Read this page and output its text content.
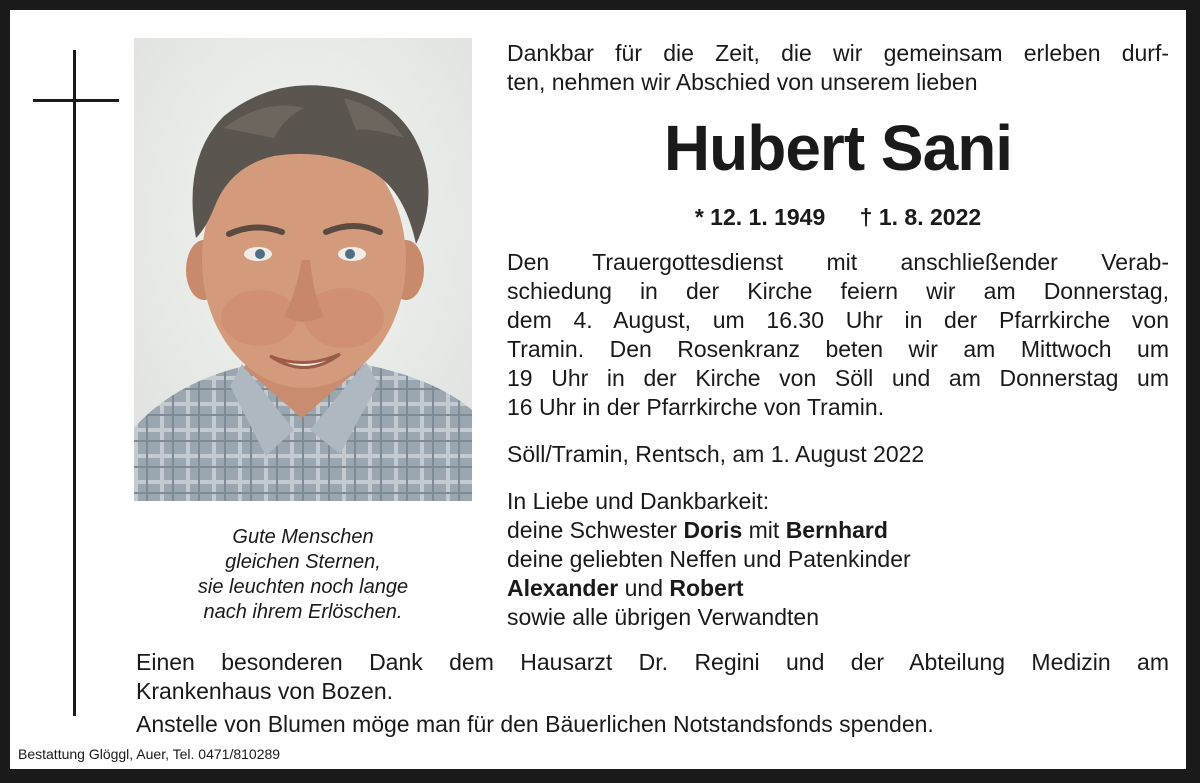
Gute Menschen
gleichen Sternen,
sie leuchten noch lange
nach ihrem Erlöschen.
Dankbar für die Zeit, die wir gemeinsam erleben durf-
ten, nehmen wir Abschied von unserem lieben
Hubert Sani
* 12. 1. 1949 † 1. 8. 2022
Den Trauergottesdienst mit anschließender Verab-
schiedung in der Kirche feiern wir am Donnerstag,
dem 4. August, um 16.30 Uhr in der Pfarrkirche von
Tramin. Den Rosenkranz beten wir am Mittwoch um
19 Uhr in der Kirche von Söll und am Donnerstag um
16 Uhr in der Pfarrkirche von Tramin.
Söll/Tramin, Rentsch, am 1. August 2022
In Liebe und Dankbarkeit:
deine Schwester Doris mit Bernhard
deine geliebten Neffen und Patenkinder
Alexander und Robert
sowie alle übrigen Verwandten
Einen besonderen Dank dem Hausarzt Dr. Regini und der Abteilung Medizin am
Krankenhaus von Bozen.
Anstelle von Blumen möge man für den Bäuerlichen Notstandsfonds spenden.
Bestattung Glöggl, Auer, Tel. 0471/810289
